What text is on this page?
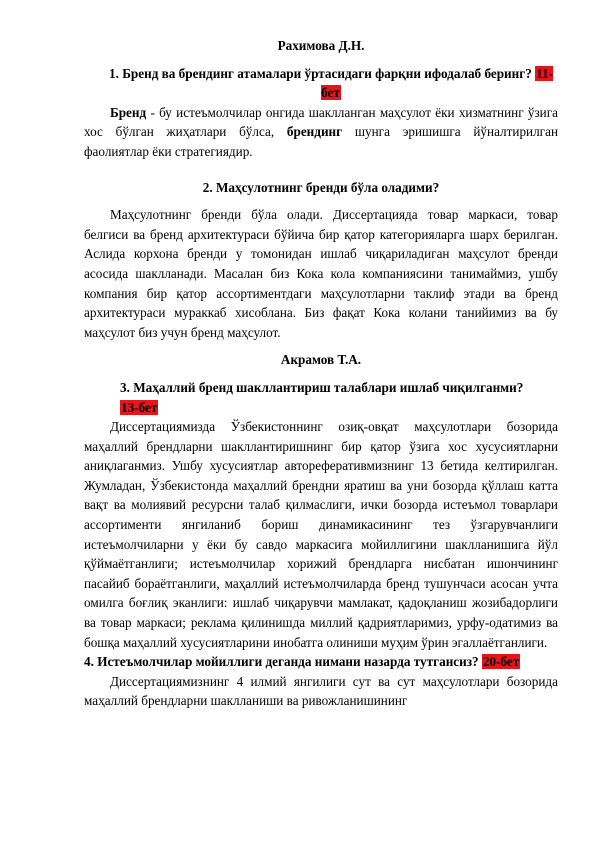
Рахимова Д.Н.

1. Бренд ва брендинг атамалари ўртасидаги фарқни ифодалаб беринг? 11-бет

Бренд - бу истеъмолчилар онгида шаклланган маҳсулот ёки хизматнинг ўзига хос бўлган жиҳатлари бўлса, брендинг шунга эришишга йўналтирилган фаолиятлар ёки стратегиядир.

2. Маҳсулотнинг бренди бўла оладими?

Маҳсулотнинг бренди бўла олади. Диссертацияда товар маркаси, товар белгиси ва бренд архитектураси бўйича бир қатор категорияларга шарх берилган. Аслида корхона бренди у томонидан ишлаб чиқариладиган маҳсулот бренди асосида шаклланади. Масалан биз Кока кола компаниясини танимаймиз, ушбу компания бир қатор ассортиментдаги маҳсулотларни таклиф этади ва бренд архитектураси мураккаб хисобланa. Биз фақат Кока колани танийимиз ва бу маҳсулот биз учун бренд маҳсулот.

Акрамов Т.А.

3. Маҳаллий бренд шакллантириш талаблари ишлаб чиқилганми?
13-бет

Диссертациямизда Ўзбекистоннинг озиқ-овқат маҳсулотлари бозорида маҳаллий брендларни шакллантиришнинг бир қатор ўзига хос хусусиятларни аниқлаганмиз. Ушбу хусусиятлар автореферативмизнинг 13 бетида келтирилган. Жумладан, Ўзбекистонда маҳаллий брендни яратиш ва уни бозорда қўллаш катта вақт ва молиявий ресурсни талаб қилмаслиги, ички бозорда истеъмол товарлари ассортименти янгиланиб бориш динамикасининг тез ўзгарувчанлиги истеъмолчиларни у ёки бу савдо маркасига мойиллигини шаклланишига йўл қўймаётганлиги; истеъмолчилар хорижий брендларга нисбатан ишончининг пасайиб бораётганлиги, маҳаллий истеъмолчиларда бренд тушунчаси асосан учта омилга боғлиқ эканлиги: ишлаб чиқарувчи мамлакат, қадоқланиш жозибадорлиги ва товар маркаси; реклама қилинишда миллий қадриятларимиз, урфу-одатимиз ва бошқа маҳаллий хусусиятларини инобатга олиниши муҳим ўрин эгаллаётганлиги.

4. Истеъмолчилар мойиллиги деганда нимани назарда тутгансиз? 20-бет

Диссертациямизнинг 4 илмий янгилиги сут ва сут маҳсулотлари бозорида маҳаллий брендларни шаклланиши ва ривожланишининг
